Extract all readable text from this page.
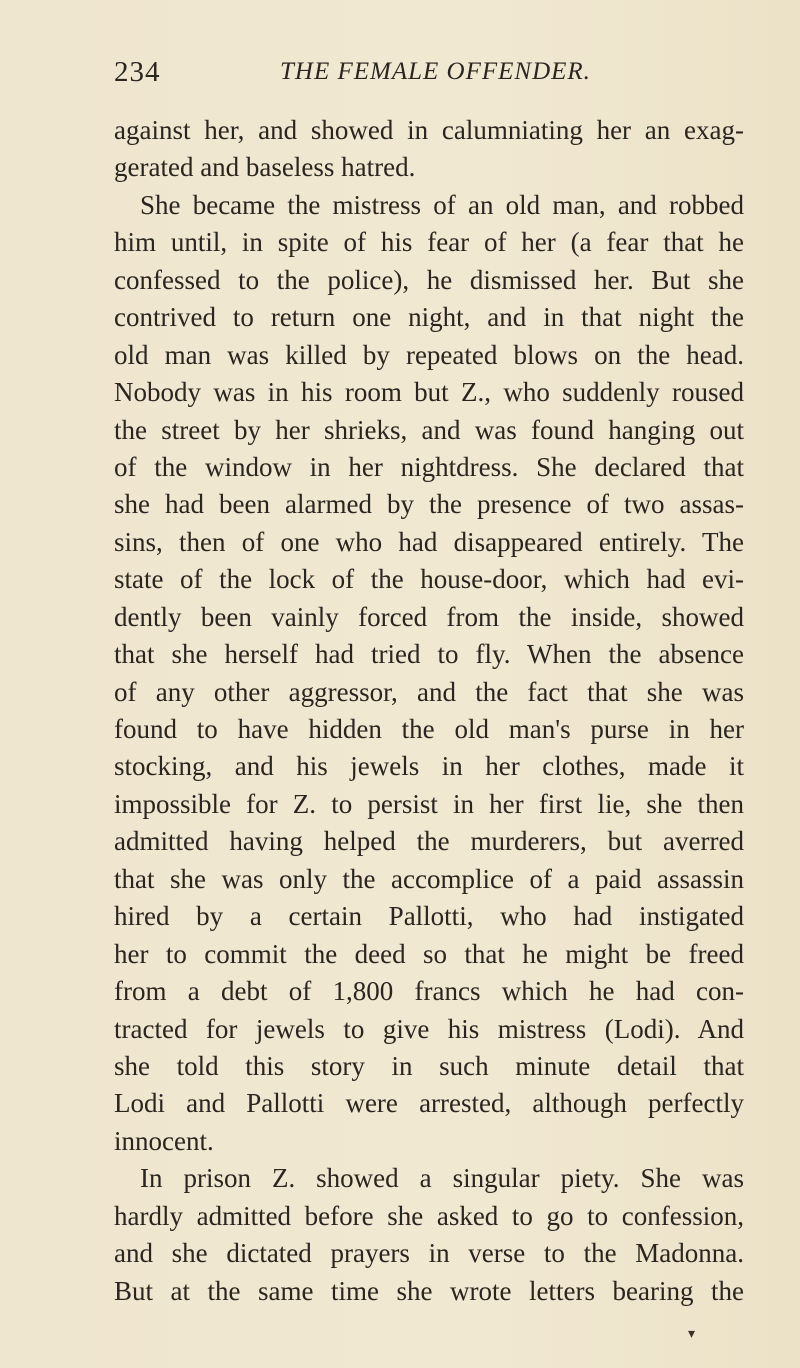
234	THE FEMALE OFFENDER.
against her, and showed in calumniating her an exag-
gerated and baseless hatred.
She became the mistress of an old man, and robbed
him until, in spite of his fear of her (a fear that he
confessed to the police), he dismissed her. But she
contrived to return one night, and in that night the
old man was killed by repeated blows on the head.
Nobody was in his room but Z., who suddenly roused
the street by her shrieks, and was found hanging out
of the window in her nightdress. She declared that
she had been alarmed by the presence of two assas-
sins, then of one who had disappeared entirely. The
state of the lock of the house-door, which had evi-
dently been vainly forced from the inside, showed
that she herself had tried to fly. When the absence
of any other aggressor, and the fact that she was
found to have hidden the old man's purse in her
stocking, and his jewels in her clothes, made it
impossible for Z. to persist in her first lie, she then
admitted having helped the murderers, but averred
that she was only the accomplice of a paid assassin
hired by a certain Pallotti, who had instigated
her to commit the deed so that he might be freed
from a debt of 1,800 francs which he had con-
tracted for jewels to give his mistress (Lodi). And
she told this story in such minute detail that
Lodi and Pallotti were arrested, although perfectly
innocent.
In prison Z. showed a singular piety. She was
hardly admitted before she asked to go to confession,
and she dictated prayers in verse to the Madonna.
But at the same time she wrote letters bearing the
▾
